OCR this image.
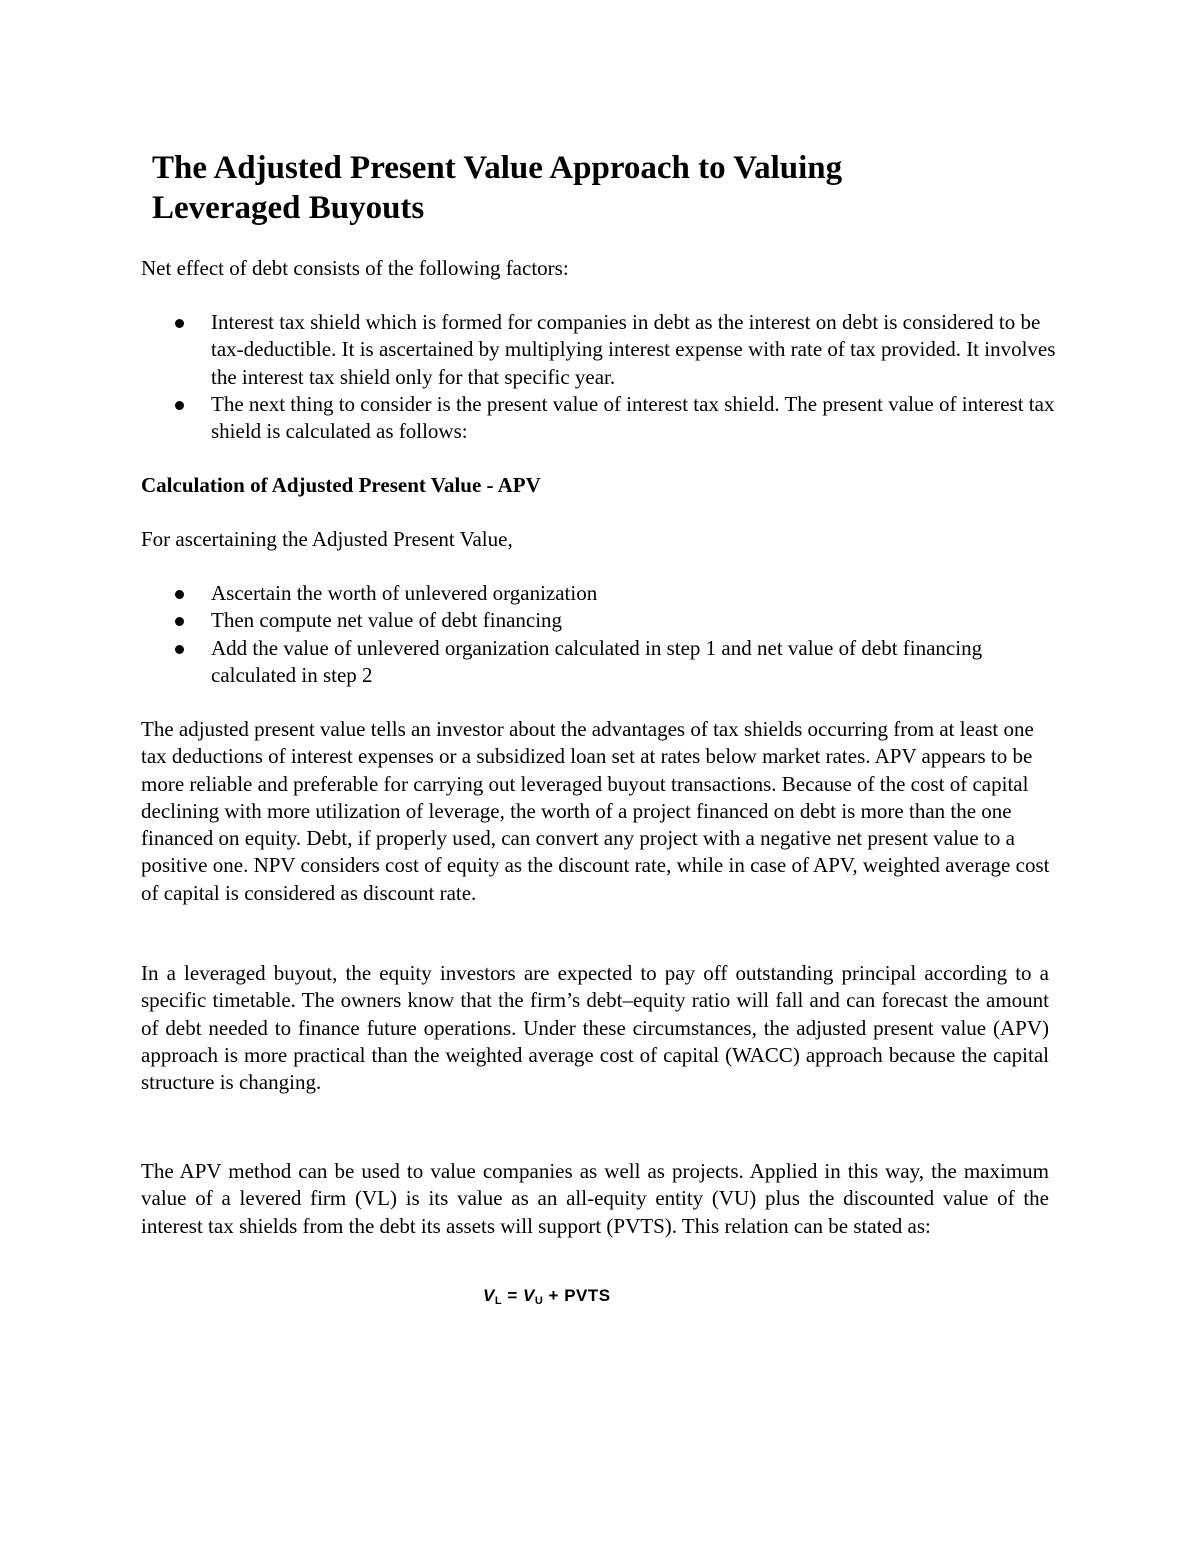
The Adjusted Present Value Approach to Valuing Leveraged Buyouts

Net effect of debt consists of the following factors:

Interest tax shield which is formed for companies in debt as the interest on debt is considered to be tax-deductible. It is ascertained by multiplying interest expense with rate of tax provided. It involves the interest tax shield only for that specific year.
The next thing to consider is the present value of interest tax shield. The present value of interest tax shield is calculated as follows:

Calculation of Adjusted Present Value - APV

For ascertaining the Adjusted Present Value,

Ascertain the worth of unlevered organization
Then compute net value of debt financing
Add the value of unlevered organization calculated in step 1 and net value of debt financing calculated in step 2

The adjusted present value tells an investor about the advantages of tax shields occurring from at least one tax deductions of interest expenses or a subsidized loan set at rates below market rates. APV appears to be more reliable and preferable for carrying out leveraged buyout transactions. Because of the cost of capital declining with more utilization of leverage, the worth of a project financed on debt is more than the one financed on equity. Debt, if properly used, can convert any project with a negative net present value to a positive one. NPV considers cost of equity as the discount rate, while in case of APV, weighted average cost of capital is considered as discount rate.

In a leveraged buyout, the equity investors are expected to pay off outstanding principal according to a specific timetable. The owners know that the firm’s debt–equity ratio will fall and can forecast the amount of debt needed to finance future operations. Under these circumstances, the adjusted present value (APV) approach is more practical than the weighted average cost of capital (WACC) approach because the capital structure is changing.

The APV method can be used to value companies as well as projects. Applied in this way, the maximum value of a levered firm (VL) is its value as an all-equity entity (VU) plus the discounted value of the interest tax shields from the debt its assets will support (PVTS). This relation can be stated as:

$V_L = V_U$ + PVTS
